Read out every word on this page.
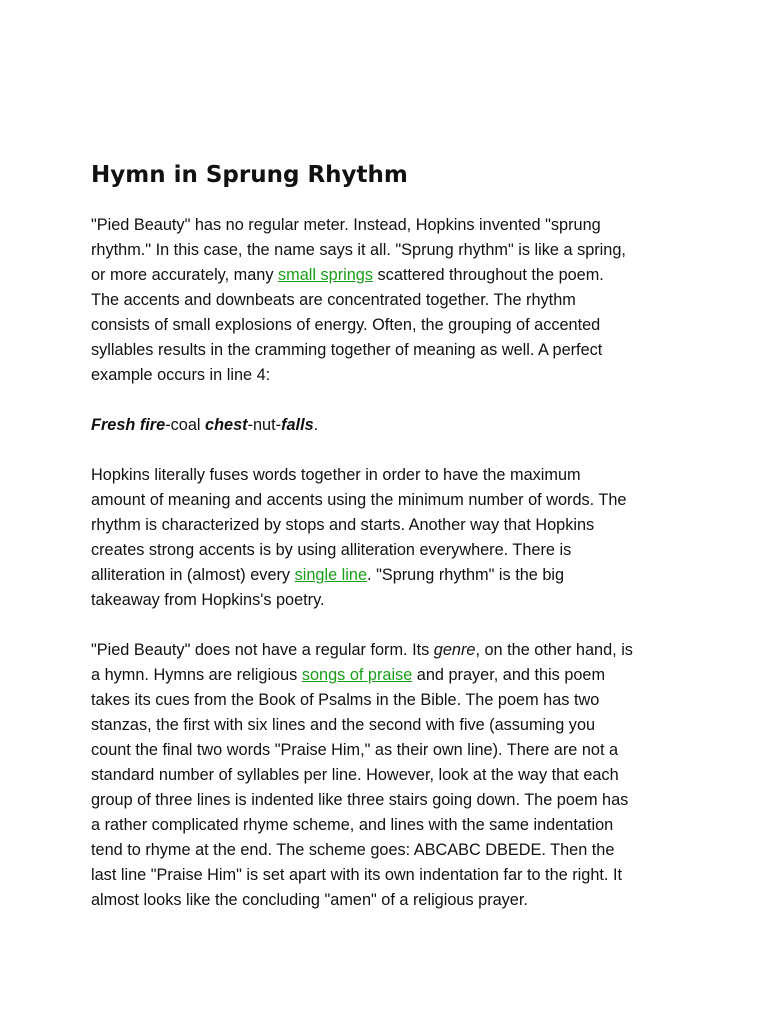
Hymn in Sprung Rhythm

"Pied Beauty" has no regular meter. Instead, Hopkins invented "sprung
rhythm." In this case, the name says it all. "Sprung rhythm" is like a spring,
or more accurately, many small springs scattered throughout the poem.
The accents and downbeats are concentrated together. The rhythm
consists of small explosions of energy. Often, the grouping of accented
syllables results in the cramming together of meaning as well. A perfect
example occurs in line 4:

Fresh fire-coal chest-nut-falls.

Hopkins literally fuses words together in order to have the maximum
amount of meaning and accents using the minimum number of words. The
rhythm is characterized by stops and starts. Another way that Hopkins
creates strong accents is by using alliteration everywhere. There is
alliteration in (almost) every single line. "Sprung rhythm" is the big
takeaway from Hopkins's poetry.

"Pied Beauty" does not have a regular form. Its genre, on the other hand, is
a hymn. Hymns are religious songs of praise and prayer, and this poem
takes its cues from the Book of Psalms in the Bible. The poem has two
stanzas, the first with six lines and the second with five (assuming you
count the final two words "Praise Him," as their own line). There are not a
standard number of syllables per line. However, look at the way that each
group of three lines is indented like three stairs going down. The poem has
a rather complicated rhyme scheme, and lines with the same indentation
tend to rhyme at the end. The scheme goes: ABCABC DBEDE. Then the
last line "Praise Him" is set apart with its own indentation far to the right. It
almost looks like the concluding "amen" of a religious prayer.
